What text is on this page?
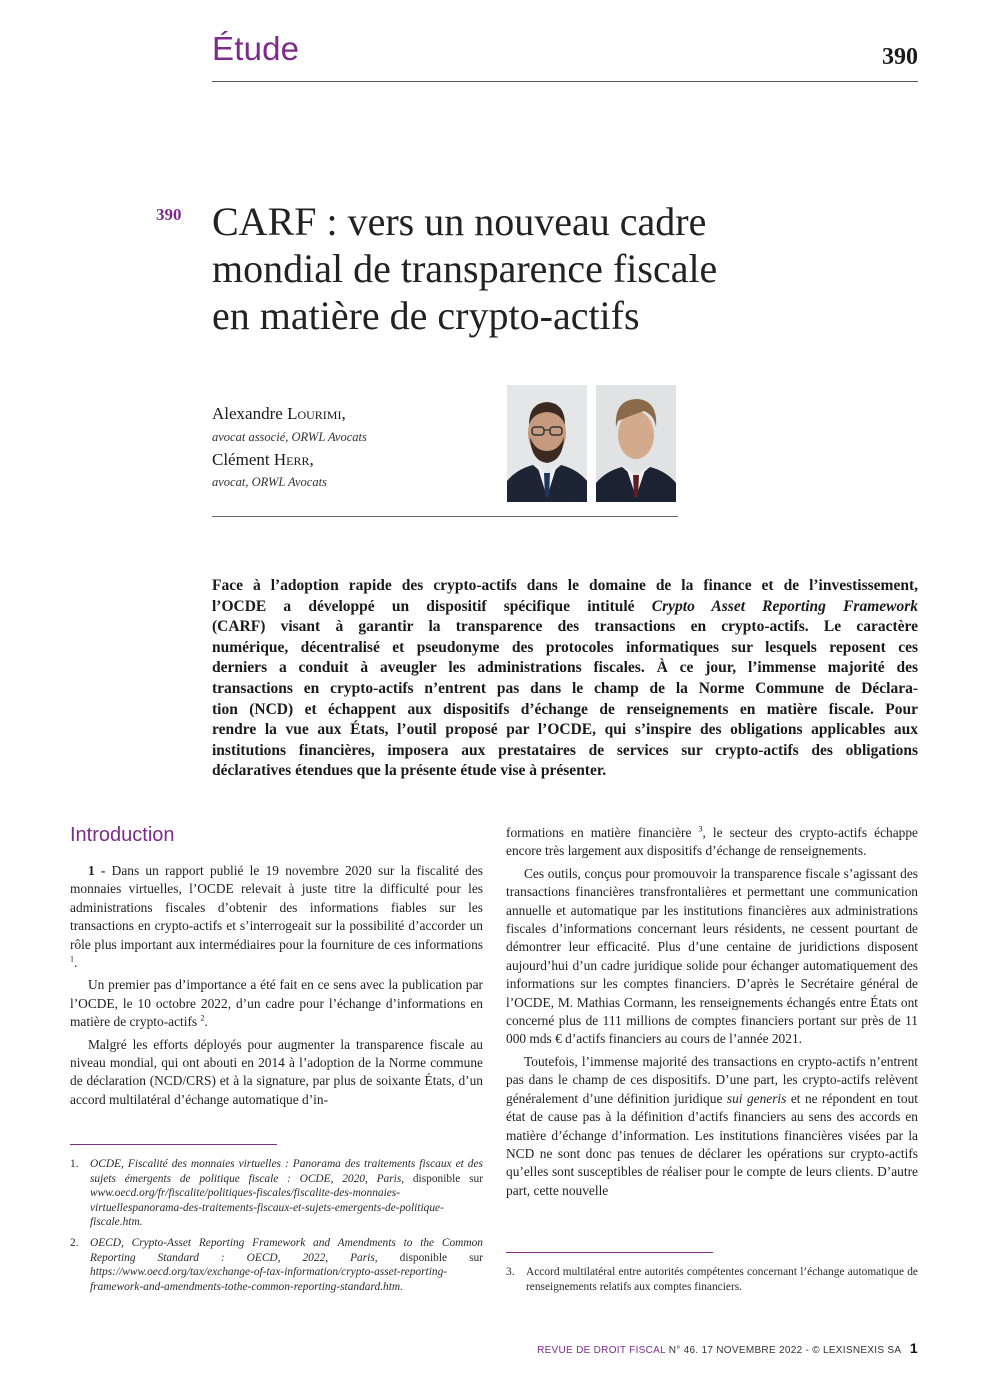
Étude	390
390 CARF : vers un nouveau cadre
mondial de transparence fiscale
en matière de crypto-actifs
Alexandre Lourimi,
avocat associé, ORWL Avocats
Clément Herr,
avocat, ORWL Avocats
Face à l’adoption rapide des crypto-actifs dans le domaine de la finance et de l’investissement,
l’OCDE a développé un dispositif spécifique intitulé Crypto Asset Reporting Framework
(CARF) visant à garantir la transparence des transactions en crypto-actifs. Le caractère
numérique, décentralisé et pseudonyme des protocoles informatiques sur lesquels reposent ces
derniers a conduit à aveugler les administrations fiscales. À ce jour, l’immense majorité des
transactions en crypto-actifs n’entrent pas dans le champ de la Norme Commune de Déclara-
tion (NCD) et échappent aux dispositifs d’échange de renseignements en matière fiscale. Pour
rendre la vue aux États, l’outil proposé par l’OCDE, qui s’inspire des obligations applicables aux
institutions financières, imposera aux prestataires de services sur crypto-actifs des obligations
déclaratives étendues que la présente étude vise à présenter.
Introduction

1 - Dans un rapport publié le 19 novembre 2020 sur la fiscalité des monnaies virtuelles, l’OCDE relevait à juste titre la difficulté pour les administrations fiscales d’obtenir des informations fiables sur les transactions en crypto-actifs et s’interrogeait sur la possibilité d’accorder un rôle plus important aux intermédiaires pour la fourniture de ces informations $^1$.

Un premier pas d’importance a été fait en ce sens avec la publication par l’OCDE, le 10 octobre 2022, d’un cadre pour l’échange d’informations en matière de crypto-actifs $^2$.

Malgré les efforts déployés pour augmenter la transparence fiscale au niveau mondial, qui ont abouti en 2014 à l’adoption de la Norme commune de déclaration (NCD/CRS) et à la signature, par plus de soixante États, d’un accord multilatéral d’échange automatique d’in-

formations en matière financière $^3$, le secteur des crypto-actifs échappe encore très largement aux dispositifs d’échange de renseignements.

Ces outils, conçus pour promouvoir la transparence fiscale s’agissant des transactions financières transfrontalières et permettant une communication annuelle et automatique par les institutions financières aux administrations fiscales d’informations concernant leurs résidents, ne cessent pourtant de démontrer leur efficacité. Plus d’une centaine de juridictions disposent aujourd’hui d’un cadre juridique solide pour échanger automatiquement des informations sur les comptes financiers. D’après le Secrétaire général de l’OCDE, M. Mathias Cormann, les renseignements échangés entre États ont concerné plus de 111 millions de comptes financiers portant sur près de 11 000 mds € d’actifs financiers au cours de l’année 2021.

Toutefois, l’immense majorité des transactions en crypto-actifs n’entrent pas dans le champ de ces dispositifs. D’une part, les crypto-actifs relèvent généralement d’une définition juridique sui generis et ne répondent en tout état de cause pas à la définition d’actifs financiers au sens des accords en matière d’échange d’information. Les institutions financières visées par la NCD ne sont donc pas tenues de déclarer les opérations sur crypto-actifs qu’elles sont susceptibles de réaliser pour le compte de leurs clients. D’autre part, cette nouvelle

1. OCDE, Fiscalité des monnaies virtuelles : Panorama des traitements fiscaux et des sujets émergents de politique fiscale : OCDE, 2020, Paris, disponible sur www.oecd.org/fr/fiscalite/politiques-fiscales/fiscalite-des-monnaies-virtuellespanorama-des-traitements-fiscaux-et-sujets-emergents-de-politique-fiscale.htm.
2. OECD, Crypto-Asset Reporting Framework and Amendments to the Common Reporting Standard : OECD, 2022, Paris, disponible sur https://www.oecd.org/tax/exchange-of-tax-information/crypto-asset-reporting-framework-and-amendments-tothe-common-reporting-standard.htm.
3. Accord multilatéral entre autorités compétentes concernant l’échange automatique de renseignements relatifs aux comptes financiers.
REVUE DE DROIT FISCAL N° 46. 17 NOVEMBRE 2022 - © LEXISNEXIS SA 1
